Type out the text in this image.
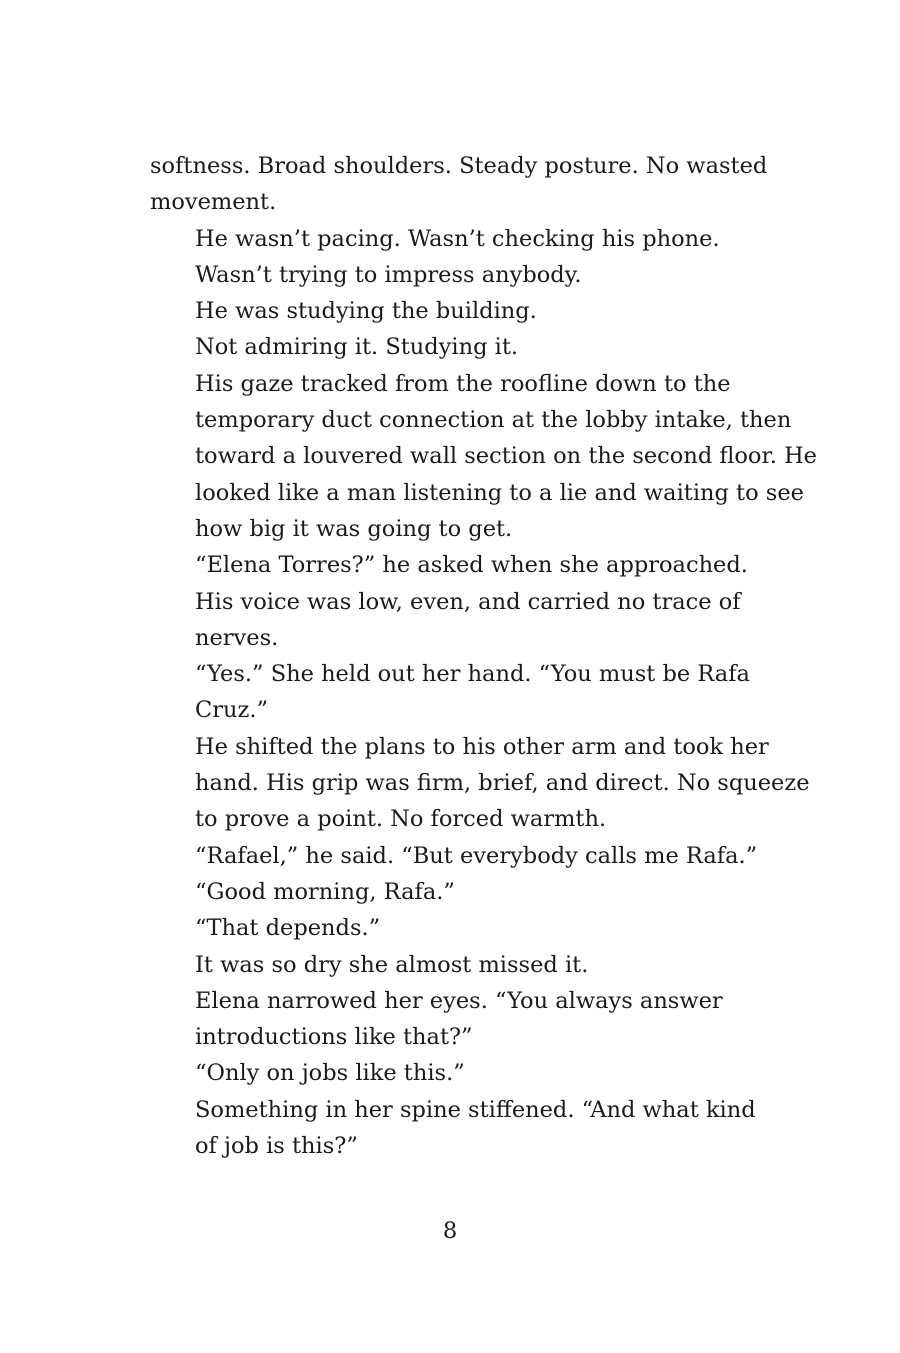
softness. Broad shoulders. Steady posture. No wasted
movement.

He wasn’t pacing. Wasn’t checking his phone.
Wasn’t trying to impress anybody.

He was studying the building.

Not admiring it. Studying it.

His gaze tracked from the roofline down to the
temporary duct connection at the lobby intake, then
toward a louvered wall section on the second floor. He
looked like a man listening to a lie and waiting to see
how big it was going to get.

“Elena Torres?” he asked when she approached.

His voice was low, even, and carried no trace of
nerves.

“Yes.” She held out her hand. “You must be Rafa
Cruz.”

He shifted the plans to his other arm and took her
hand. His grip was firm, brief, and direct. No squeeze
to prove a point. No forced warmth.

“Rafael,” he said. “But everybody calls me Rafa.”

“Good morning, Rafa.”

“That depends.”

It was so dry she almost missed it.

Elena narrowed her eyes. “You always answer
introductions like that?”

“Only on jobs like this.”

Something in her spine stiffened. “And what kind
of job is this?”

8
